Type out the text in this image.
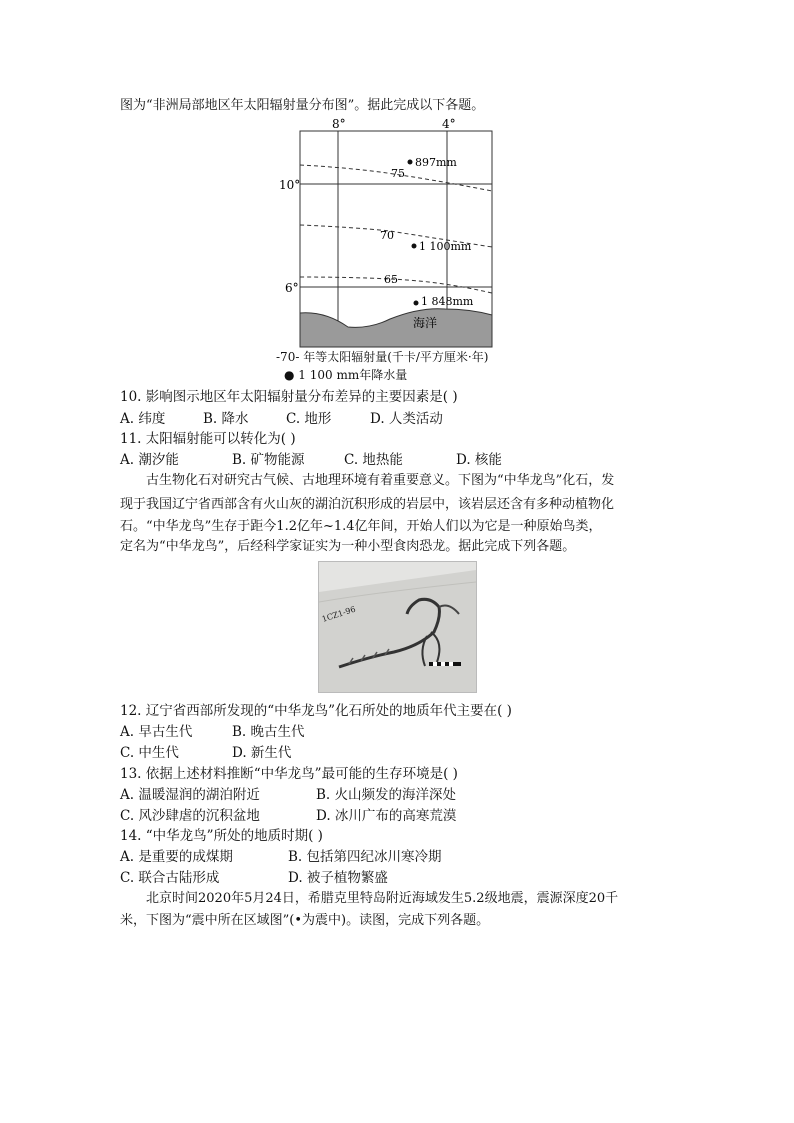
图为“非洲局部地区年太阳辐射量分布图”。据此完成以下各题。
8°	4°
10°
6°
75
70
65
897mm
1 100mm
1 848mm
海洋
-70- 年等太阳辐射量(千卡/平方厘米·年)
● 1 100 mm年降水量
10. 影响图示地区年太阳辐射量分布差异的主要因素是( )
A. 纬度	B. 降水	C. 地形	D. 人类活动
11. 太阳辐射能可以转化为( )
A. 潮汐能	B. 矿物能源	C. 地热能	D. 核能
古生物化石对研究古气候、古地理环境有着重要意义。下图为“中华龙鸟”化石，发
现于我国辽宁省西部含有火山灰的湖泊沉积形成的岩层中，该岩层还含有多种动植物化
石。“中华龙鸟”生存于距今1.2亿年~1.4亿年间，开始人们以为它是一种原始鸟类，
定名为“中华龙鸟”，后经科学家证实为一种小型食肉恐龙。据此完成下列各题。
1CZ1-96
12. 辽宁省西部所发现的“中华龙鸟”化石所处的地质年代主要在( )
A. 早古生代	B. 晚古生代
C. 中生代	D. 新生代
13. 依据上述材料推断“中华龙鸟”最可能的生存环境是( )
A. 温暖湿润的湖泊附近	B. 火山频发的海洋深处
C. 风沙肆虐的沉积盆地	D. 冰川广布的高寒荒漠
14. “中华龙鸟”所处的地质时期( )
A. 是重要的成煤期	B. 包括第四纪冰川寒冷期
C. 联合古陆形成	D. 被子植物繁盛
北京时间2020年5月24日，希腊克里特岛附近海域发生5.2级地震，震源深度20千
米，下图为“震中所在区域图”(•为震中)。读图，完成下列各题。
